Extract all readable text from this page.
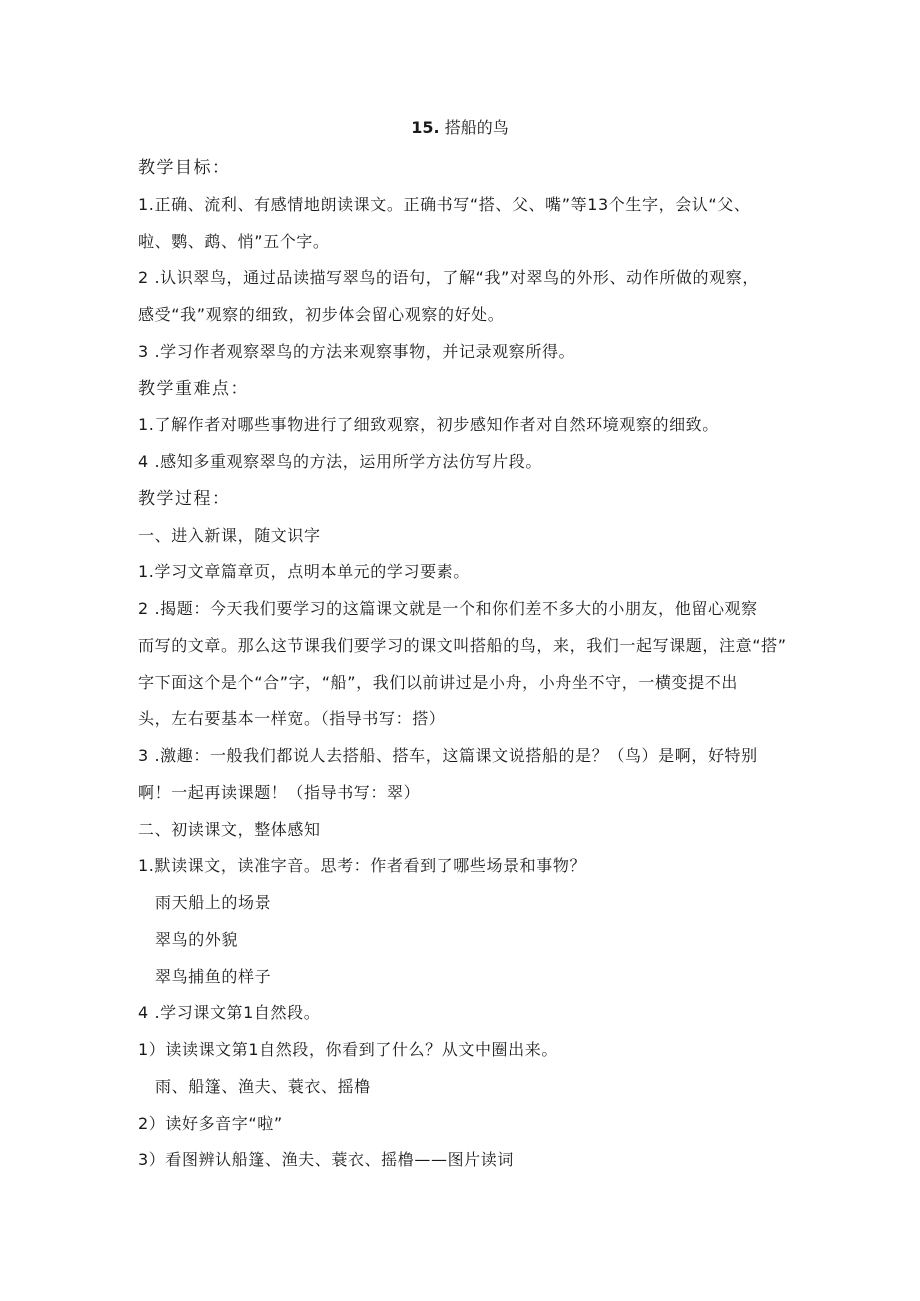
15. 搭船的鸟
教学目标：
1.正确、流利、有感情地朗读课文。正确书写“搭、父、嘴”等13个生字，会认“父、
啦、鹦、鹉、悄”五个字。
2 .认识翠鸟，通过品读描写翠鸟的语句，了解“我”对翠鸟的外形、动作所做的观察，
感受“我”观察的细致，初步体会留心观察的好处。
3 .学习作者观察翠鸟的方法来观察事物，并记录观察所得。
教学重难点：
1.了解作者对哪些事物进行了细致观察，初步感知作者对自然环境观察的细致。
4 .感知多重观察翠鸟的方法，运用所学方法仿写片段。
教学过程：
一、进入新课，随文识字
1.学习文章篇章页，点明本单元的学习要素。
2 .揭题：今天我们要学习的这篇课文就是一个和你们差不多大的小朋友，他留心观察
而写的文章。那么这节课我们要学习的课文叫搭船的鸟，来，我们一起写课题，注意“搭”
字下面这个是个“合”字，“船”，我们以前讲过是小舟，小舟坐不守，一横变提不出
头，左右要基本一样宽。（指导书写：搭）
3 .激趣：一般我们都说人去搭船、搭车，这篇课文说搭船的是？（鸟）是啊，好特别
啊！一起再读课题！（指导书写：翠）
二、初读课文，整体感知
1.默读课文，读准字音。思考：作者看到了哪些场景和事物？
雨天船上的场景
翠鸟的外貌
翠鸟捕鱼的样子
4 .学习课文第1自然段。
1）读读课文第1自然段，你看到了什么？从文中圈出来。
雨、船篷、渔夫、蓑衣、摇橹
2）读好多音字“啦”
3）看图辨认船篷、渔夫、蓑衣、摇橹——图片读词
